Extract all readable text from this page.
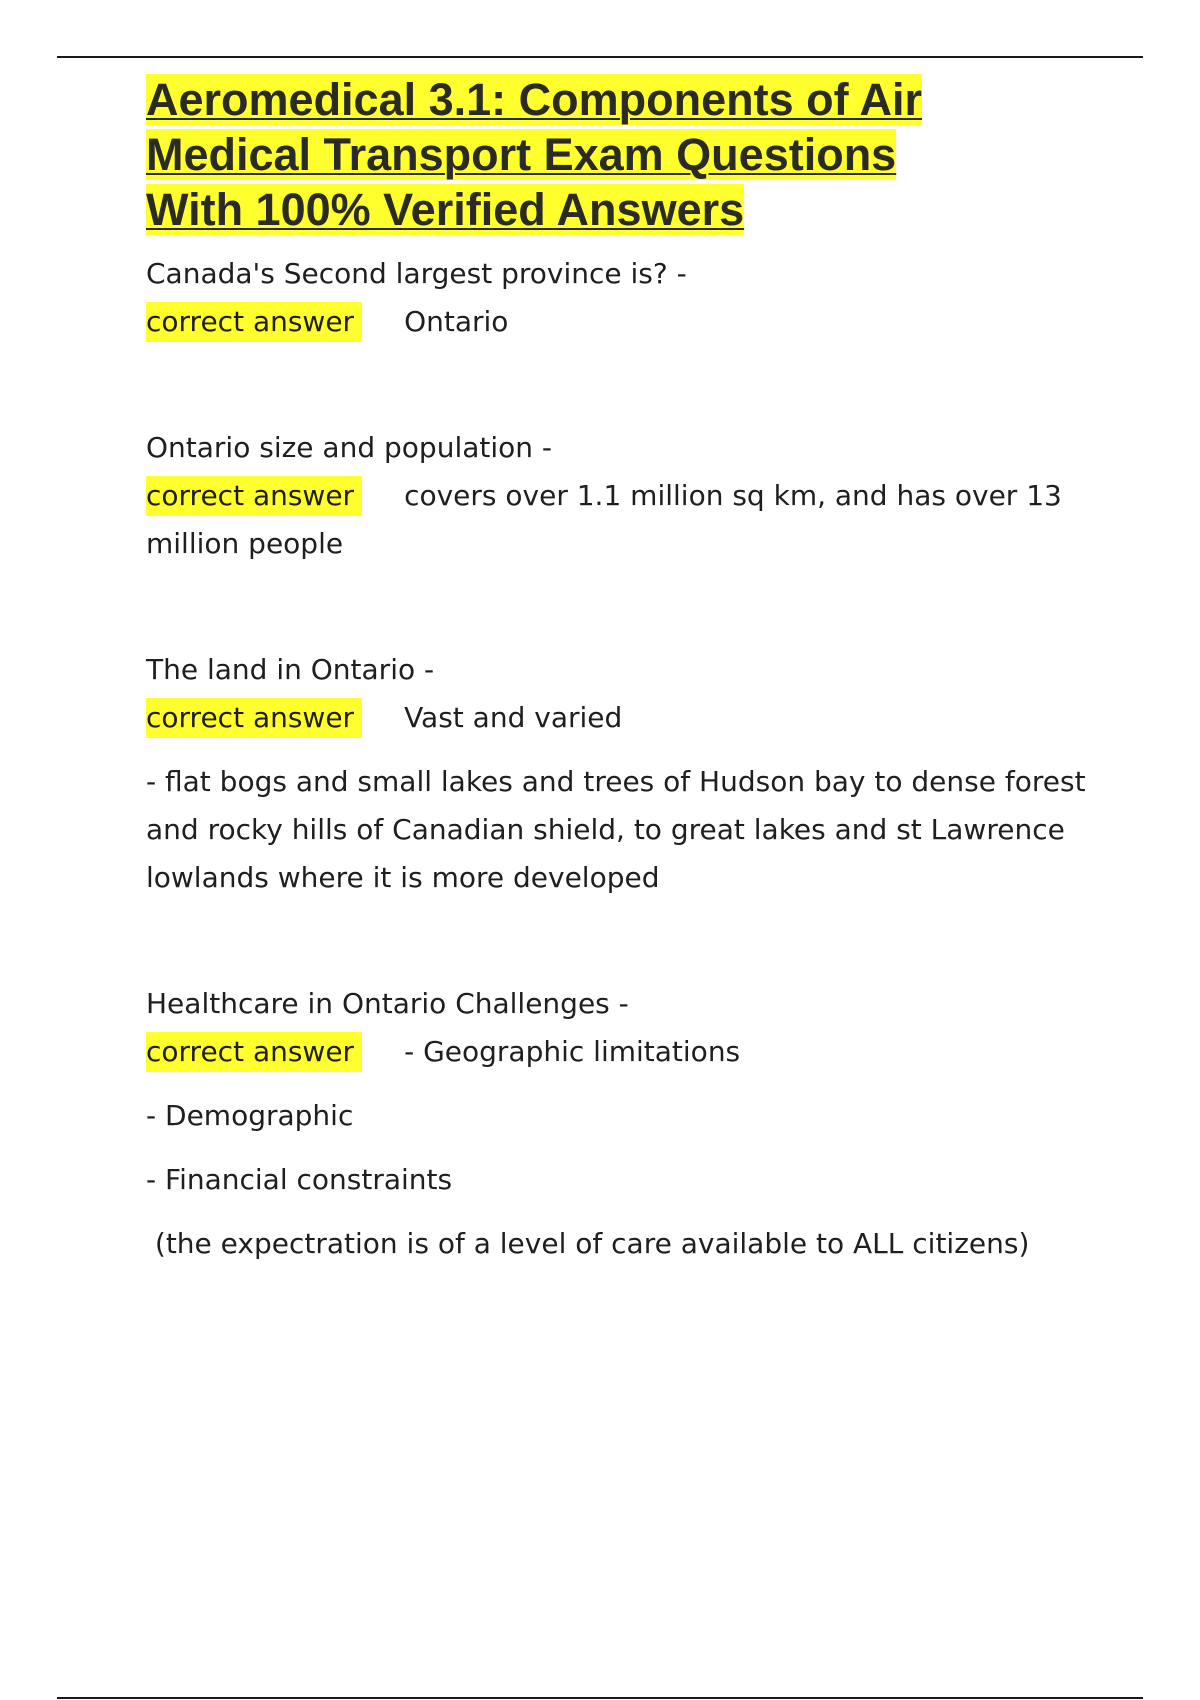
Aeromedical 3.1: Components of Air
Medical Transport Exam Questions
With 100% Verified Answers
Canada's Second largest province is? -
correct answer Ontario
Ontario size and population -
correct answer covers over 1.1 million sq km, and has over 13 million people
The land in Ontario -
correct answer Vast and varied
- flat bogs and small lakes and trees of Hudson bay to dense forest and rocky hills of Canadian shield, to great lakes and st Lawrence lowlands where it is more developed
Healthcare in Ontario Challenges -
correct answer - Geographic limitations
- Demographic
- Financial constraints
(the expectration is of a level of care available to ALL citizens)
